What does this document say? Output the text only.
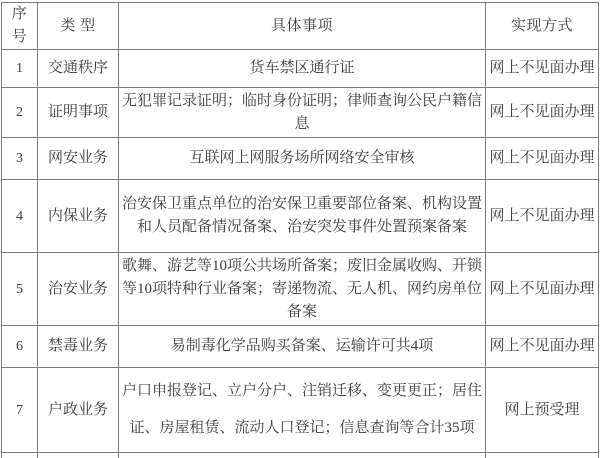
序 号	类 型	具体事项	实现方式
1	交通秩序	货车禁区通行证	网上不见面办理
2	证明事项	无犯罪记录证明；临时身份证明；律师查询公民户籍信息	网上不见面办理
3	网安业务	互联网上网服务场所网络安全审核	网上不见面办理
4	内保业务	治安保卫重点单位的治安保卫重要部位备案、机构设置和人员配备情况备案、治安突发事件处置预案备案	网上不见面办理
5	治安业务	歌舞、游艺等10项公共场所备案；废旧金属收购、开锁等10项特种行业备案；寄递物流、无人机、网约房单位备案	网上不见面办理
6	禁毒业务	易制毒化学品购买备案、运输许可共4项	网上不见面办理
7	户政业务	户口申报登记、立户分户、注销迁移、变更更正；居住证、房屋租赁、流动人口登记；信息查询等合计35项	网上预受理
